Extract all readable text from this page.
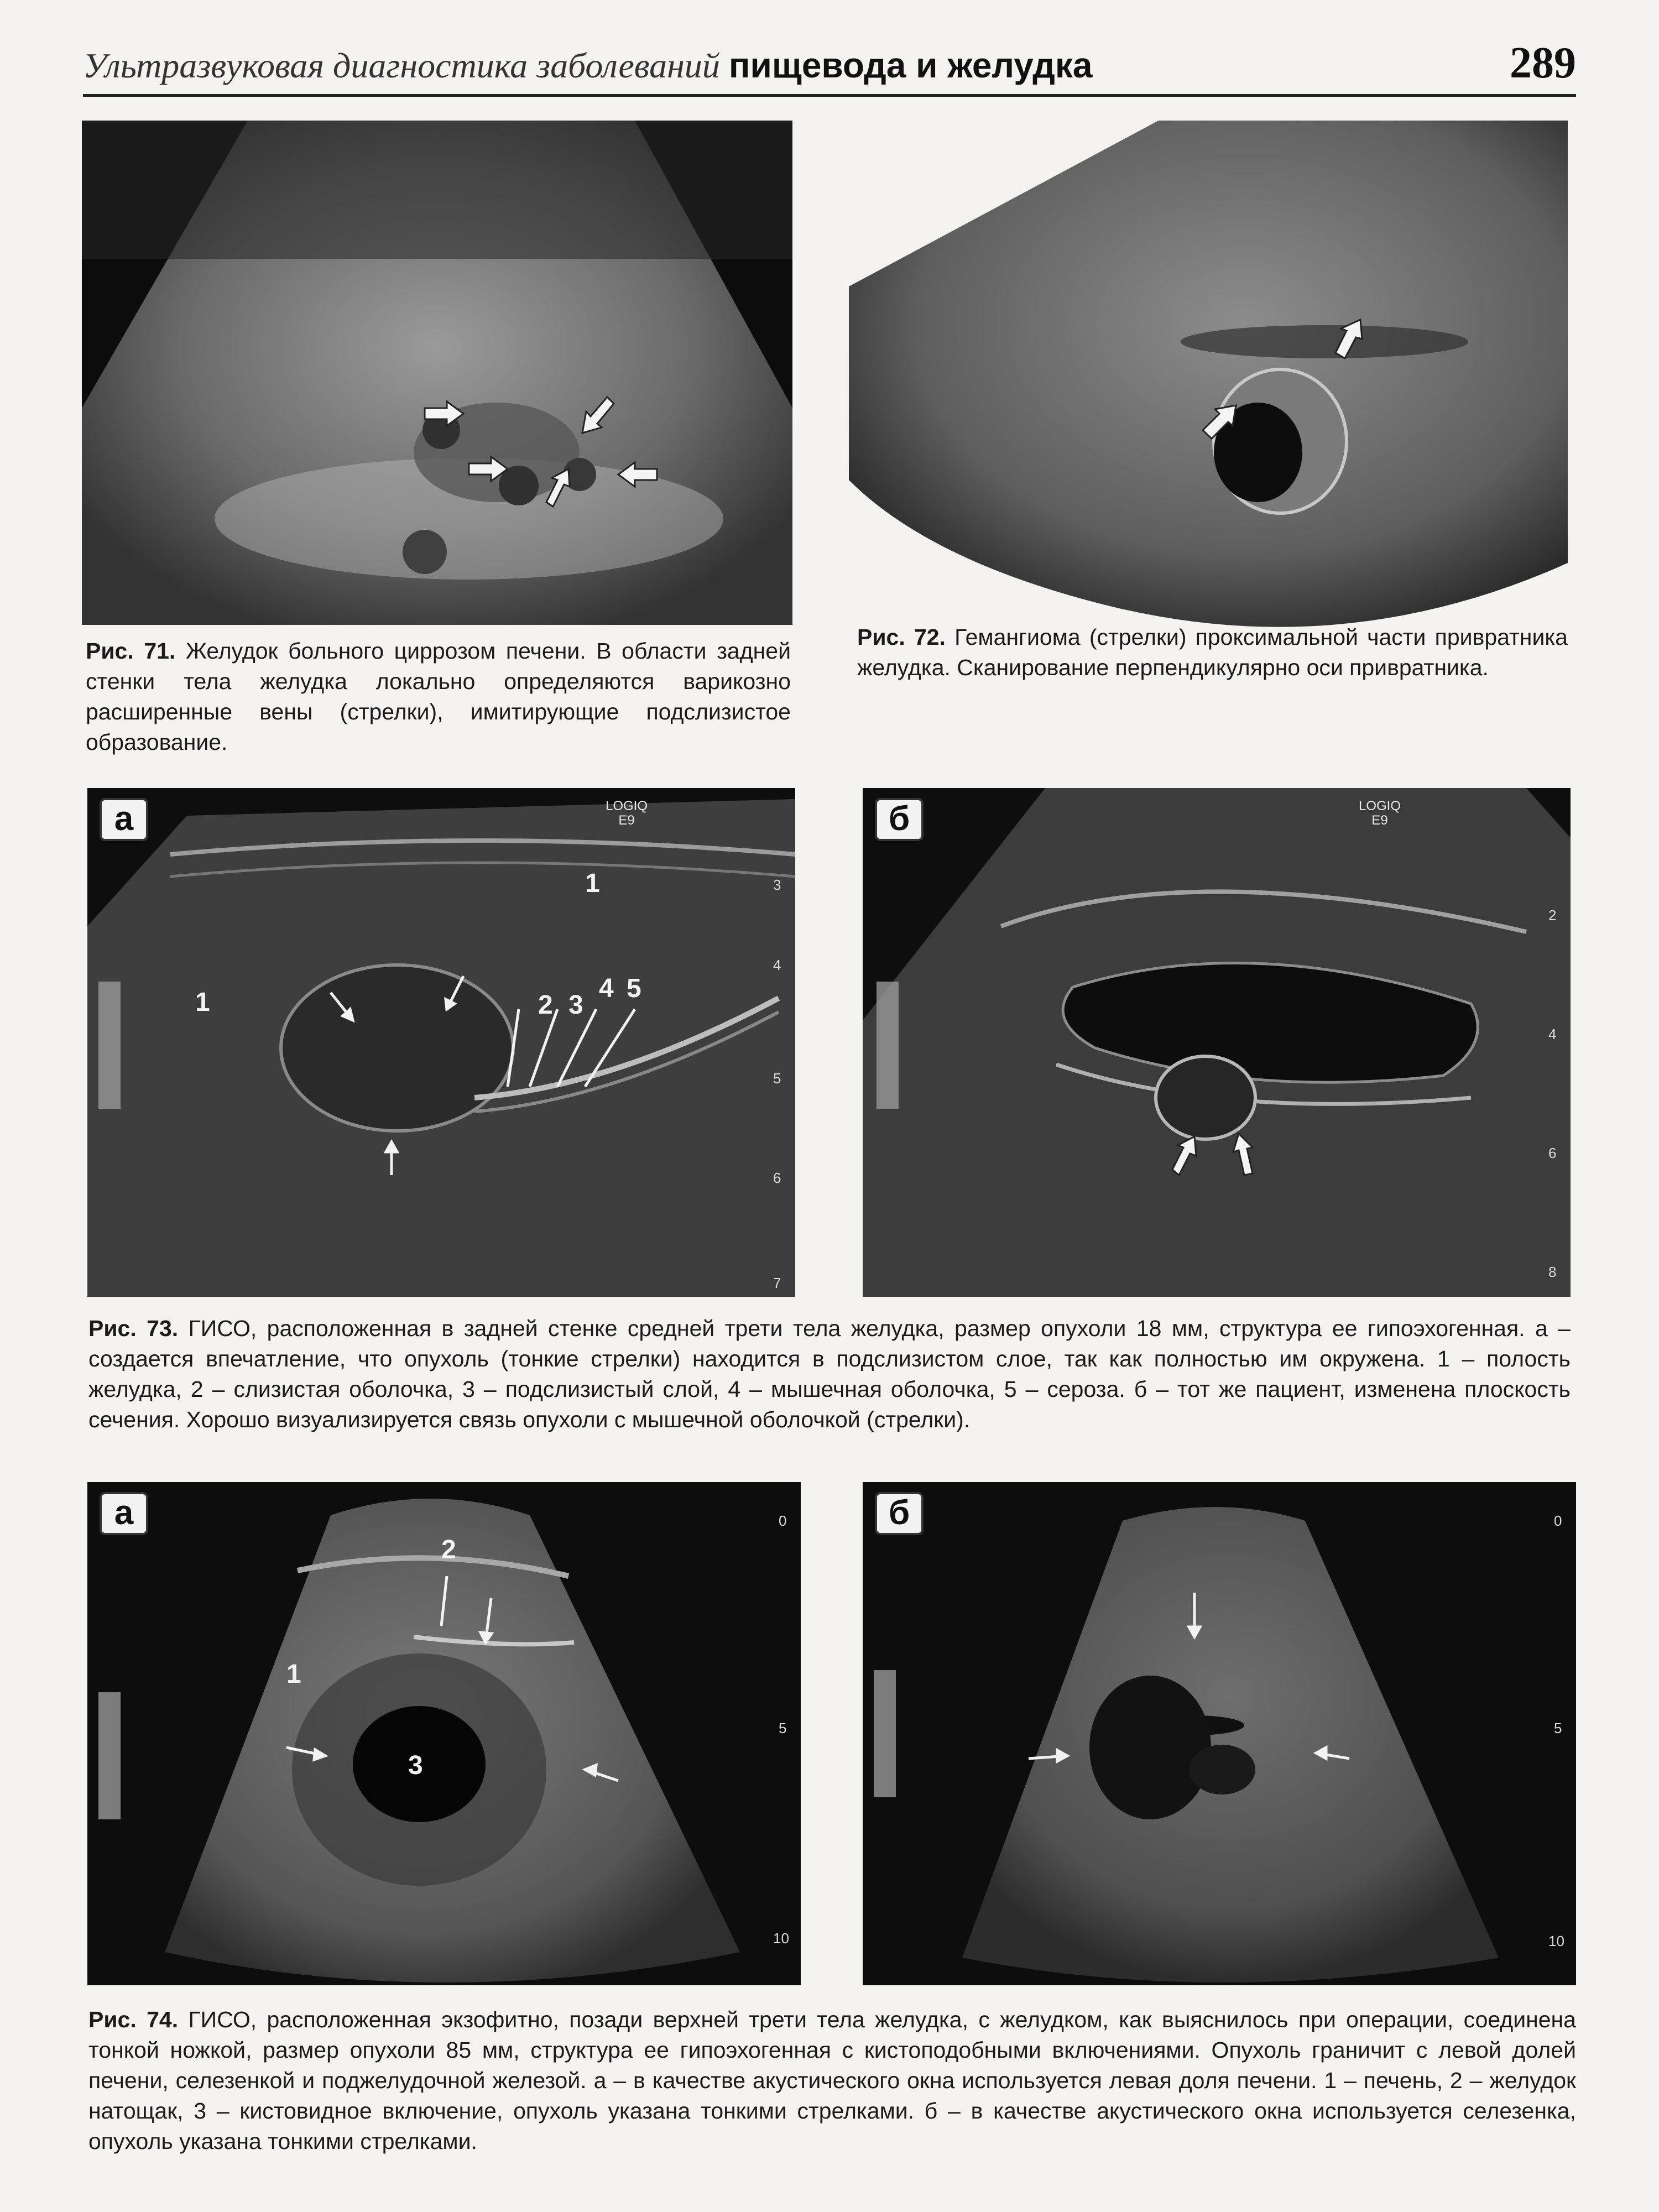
Ультразвуковая диагностика заболеваний пищевода и желудка	289
Рис. 71. Желудок больного циррозом печени. В области задней стенки тела желудка локально определяются варикозно расширенные вены (стрелки), имитирующие подслизистое образование.
Рис. 72. Гемангиома (стрелки) проксимальной части привратника желудка. Сканирование перпендикулярно оси привратника.
а	LOGIQ
E9
1
1	2 3
4 5
3
4
5
6
7
б	LOGIQ
E9
2
4
6
8
Рис. 73. ГИСО, расположенная в задней стенке средней трети тела желудка, размер опухоли 18 мм, структура ее гипоэхогенная. а – создается впечатление, что опухоль (тонкие стрелки) находится в подслизистом слое, так как полностью им окружена. 1 – полость желудка, 2 – слизистая оболочка, 3 – подслизистый слой, 4 – мышечная оболочка, 5 – сероза. б – тот же пациент, изменена плоскость сечения. Хорошо визуализируется связь опухоли с мышечной оболочкой (стрелки).
а
2
1
3
0
5
10
б	0
5
10
Рис. 74. ГИСО, расположенная экзофитно, позади верхней трети тела желудка, с желудком, как выяснилось при операции, соединена тонкой ножкой, размер опухоли 85 мм, структура ее гипоэхогенная с кистоподобными включениями. Опухоль граничит с левой долей печени, селезенкой и поджелудочной железой. а – в качестве акустического окна используется левая доля печени. 1 – печень, 2 – желудок натощак, 3 – кистовидное включение, опухоль указана тонкими стрелками. б – в качестве акустического окна используется селезенка, опухоль указана тонкими стрелками.
